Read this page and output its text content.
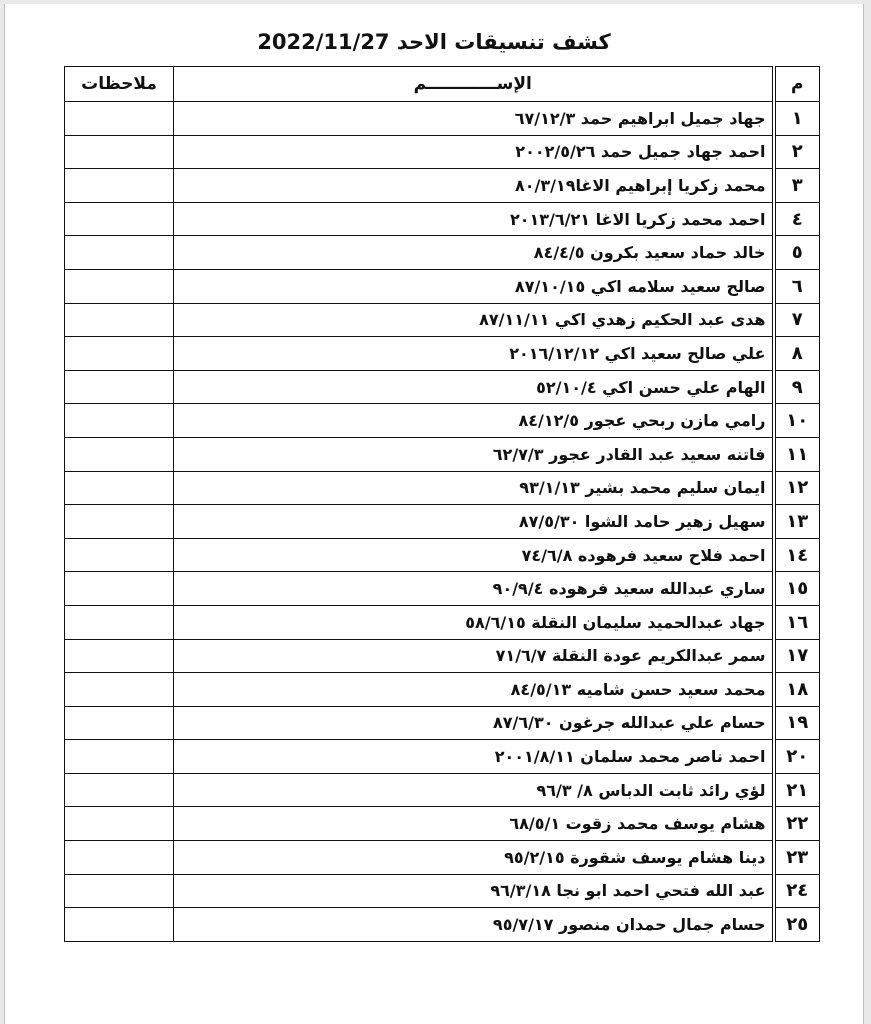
كشف تنسيقات الاحد 2022/11/27
م	الإســــــــــــم	ملاحظات
١	جهاد جميل ابراهيم حمد ٦٧/١٢/٣	
٢	احمد جهاد جميل حمد ٢٠٠٢/٥/٢٦	
٣	محمد زكريا إبراهيم الاغا٨٠/٣/١٩	
٤	احمد محمد زكريا الاغا ٢٠١٣/٦/٢١	
٥	خالد حماد سعيد بكرون ٨٤/٤/٥	
٦	صالح سعيد سلامه اكي ٨٧/١٠/١٥	
٧	هدى عبد الحكيم زهدي اكي ٨٧/١١/١١	
٨	علي صالح سعيد اكي ٢٠١٦/١٢/١٢	
٩	الهام علي حسن اكي ٥٢/١٠/٤	
١٠	رامي مازن ربحي عجور ٨٤/١٢/٥	
١١	فاتنه سعيد عبد القادر عجور ٦٢/٧/٣	
١٢	ايمان سليم محمد بشير ٩٣/١/١٣	
١٣	سهيل زهير حامد الشوا ٨٧/٥/٣٠	
١٤	احمد فلاح سعيد فرهوده ٧٤/٦/٨	
١٥	ساري عبدالله سعيد فرهوده ٩٠/٩/٤	
١٦	جهاد عبدالحميد سليمان النقلة ٥٨/٦/١٥	
١٧	سمر عبدالكريم عودة النقلة ٧١/٦/٧	
١٨	محمد سعيد حسن شاميه ٨٤/٥/١٣	
١٩	حسام علي عبدالله جرغون ٨٧/٦/٣٠	
٢٠	احمد ناصر محمد سلمان ٢٠٠١/٨/١١	
٢١	لؤي رائد ثابت الدباس ٨/ ٩٦/٣	
٢٢	هشام يوسف محمد زقوت ٦٨/٥/١	
٢٣	دينا هشام يوسف شقورة ٩٥/٢/١٥	
٢٤	عبد الله فتحي احمد ابو نجا ٩٦/٣/١٨	
٢٥	حسام جمال حمدان منصور ٩٥/٧/١٧	
